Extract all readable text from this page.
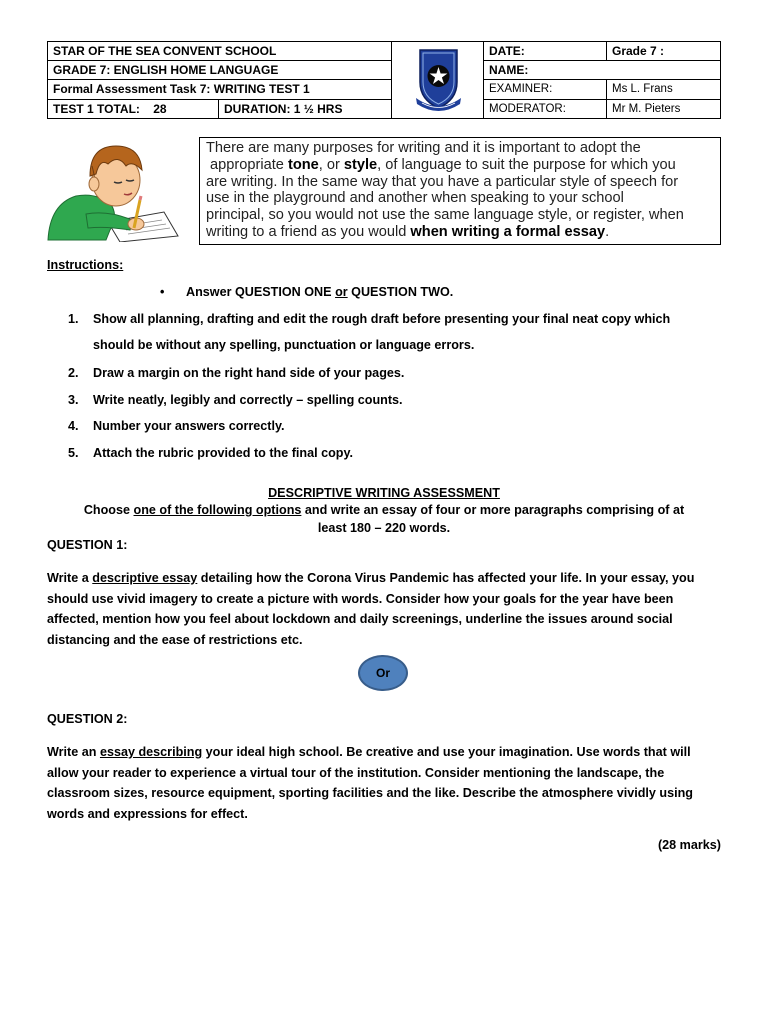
STAR OF THE SEA CONVENT SCHOOL
GRADE 7: ENGLISH HOME LANGUAGE
Formal Assessment Task 7: WRITING TEST 1
TEST 1 TOTAL: 28	DURATION: 1 ½ HRS
DATE:	Grade 7 :
NAME:
EXAMINER:	Ms L. Frans
MODERATOR:	Mr M. Pieters
There are many purposes for writing and it is important to adopt the
appropriate tone, or style, of language to suit the purpose for which you
are writing. In the same way that you have a particular style of speech for
use in the playground and another when speaking to your school
principal, so you would not use the same language style, or register, when
writing to a friend as you would when writing a formal essay.
Instructions:
• Answer QUESTION ONE or QUESTION TWO.
1.	Show all planning, drafting and edit the rough draft before presenting your final neat copy which
should be without any spelling, punctuation or language errors.
2.	Draw a margin on the right hand side of your pages.
3.	Write neatly, legibly and correctly – spelling counts.
4.	Number your answers correctly.
5.	Attach the rubric provided to the final copy.
DESCRIPTIVE WRITING ASSESSMENT
Choose one of the following options and write an essay of four or more paragraphs comprising of at
least 180 – 220 words.
QUESTION 1:
Write a descriptive essay detailing how the Corona Virus Pandemic has affected your life. In your essay, you should use vivid imagery to create a picture with words. Consider how your goals for the year have been affected, mention how you feel about lockdown and daily screenings, underline the issues around social distancing and the ease of restrictions etc.
Or
QUESTION 2:
Write an essay describing your ideal high school. Be creative and use your imagination. Use words that will allow your reader to experience a virtual tour of the institution. Consider mentioning the landscape, the classroom sizes, resource equipment, sporting facilities and the like. Describe the atmosphere vividly using words and expressions for effect.
(28 marks)
